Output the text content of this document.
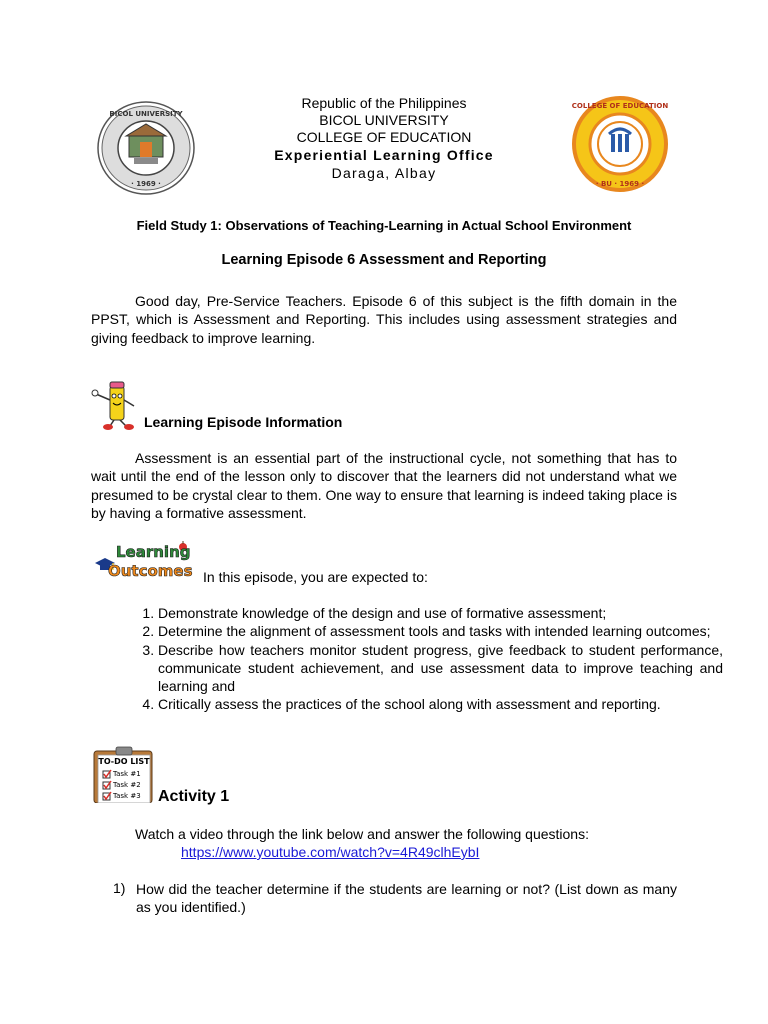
BICOL UNIVERSITY
· 1969 ·
Republic of the Philippines
BICOL UNIVERSITY
COLLEGE OF EDUCATION
Experiential Learning Office
Daraga, Albay
COLLEGE OF EDUCATION
· BU · 1969 ·
Field Study 1: Observations of Teaching-Learning in Actual School Environment
Learning Episode 6 Assessment and Reporting

Good day, Pre-Service Teachers. Episode 6 of this subject is the fifth domain in the PPST, which is Assessment and Reporting. This includes using assessment strategies and giving feedback to improve learning.

Learning Episode Information

Assessment is an essential part of the instructional cycle, not something that has to wait until the end of the lesson only to discover that the learners did not understand what we presumed to be crystal clear to them. One way to ensure that learning is indeed taking place is by having a formative assessment.

Learning
Outcomes In this episode, you are expected to:
1. Demonstrate knowledge of the design and use of formative assessment;
2. Determine the alignment of assessment tools and tasks with intended learning outcomes;
3. Describe how teachers monitor student progress, give feedback to student performance, communicate student achievement, and use assessment data to improve teaching and learning and
4. Critically assess the practices of the school along with assessment and reporting.
TO-DO LIST
Task #1
Task #2
Task #3 Activity 1
Watch a video through the link below and answer the following questions:
https://www.youtube.com/watch?v=4R49clhEybI
1) How did the teacher determine if the students are learning or not? (List down as many as you identified.)
